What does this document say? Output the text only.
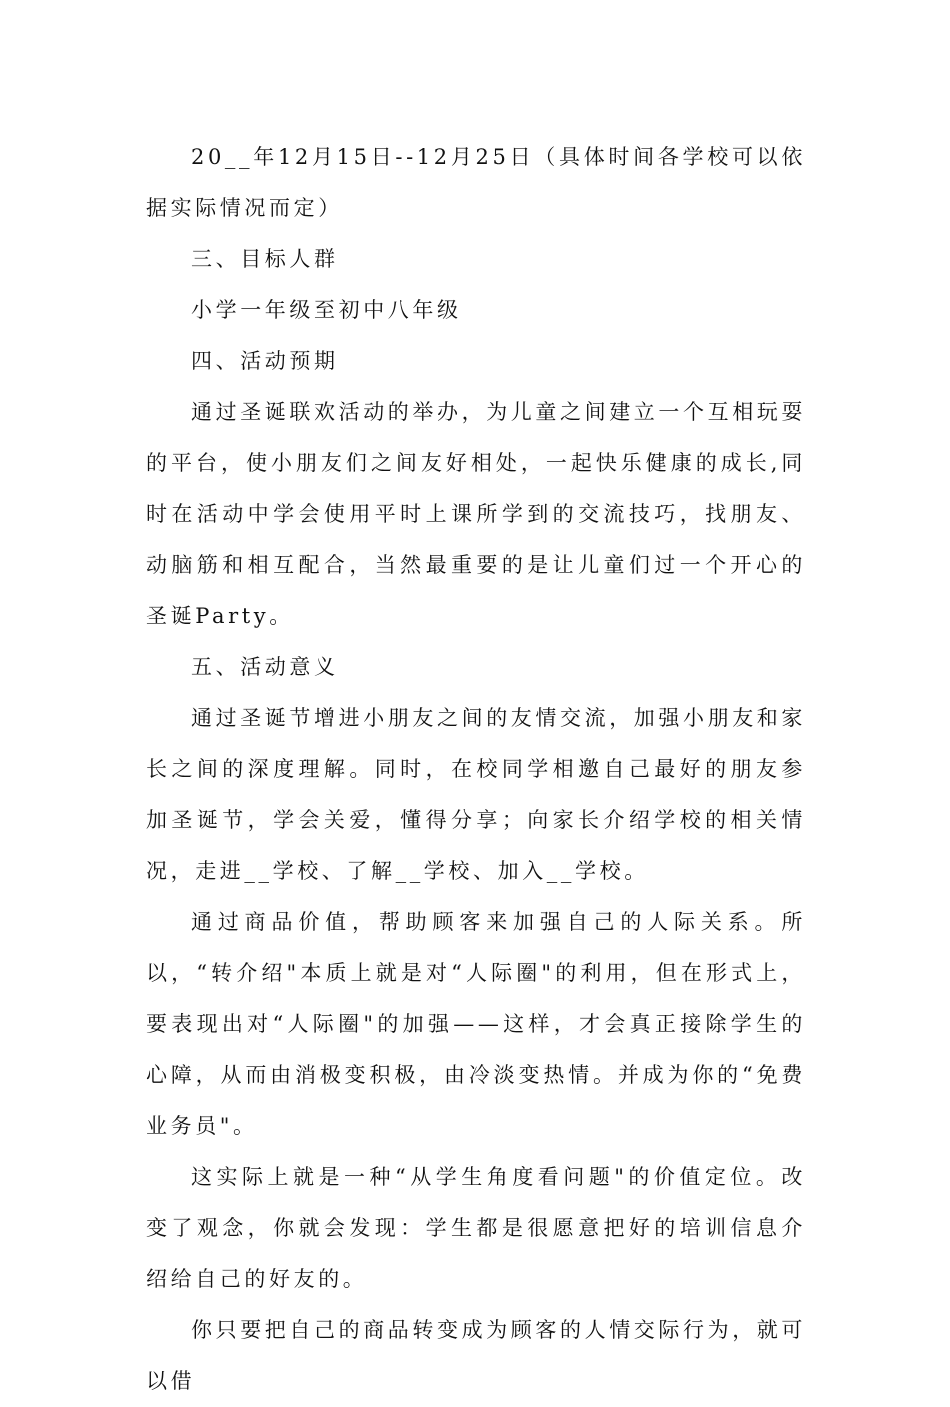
20__年12月15日--12月25日（具体时间各学校可以依据实际情况而定）

三、目标人群

小学一年级至初中八年级

四、活动预期

通过圣诞联欢活动的举办，为儿童之间建立一个互相玩耍的平台，使小朋友们之间友好相处，一起快乐健康的成长,同时在活动中学会使用平时上课所学到的交流技巧，找朋友、动脑筋和相互配合，当然最重要的是让儿童们过一个开心的圣诞Party。

五、活动意义

通过圣诞节增进小朋友之间的友情交流，加强小朋友和家长之间的深度理解。同时，在校同学相邀自己最好的朋友参加圣诞节，学会关爱，懂得分享；向家长介绍学校的相关情况，走进__学校、了解__学校、加入__学校。

通过商品价值，帮助顾客来加强自己的人际关系。所以，“转介绍"本质上就是对“人际圈"的利用，但在形式上，要表现出对“人际圈"的加强——这样，才会真正接除学生的心障，从而由消极变积极，由冷淡变热情。并成为你的“免费业务员"。

这实际上就是一种“从学生角度看问题"的价值定位。改变了观念，你就会发现：学生都是很愿意把好的培训信息介绍给自己的好友的。

你只要把自己的商品转变成为顾客的人情交际行为，就可以借
